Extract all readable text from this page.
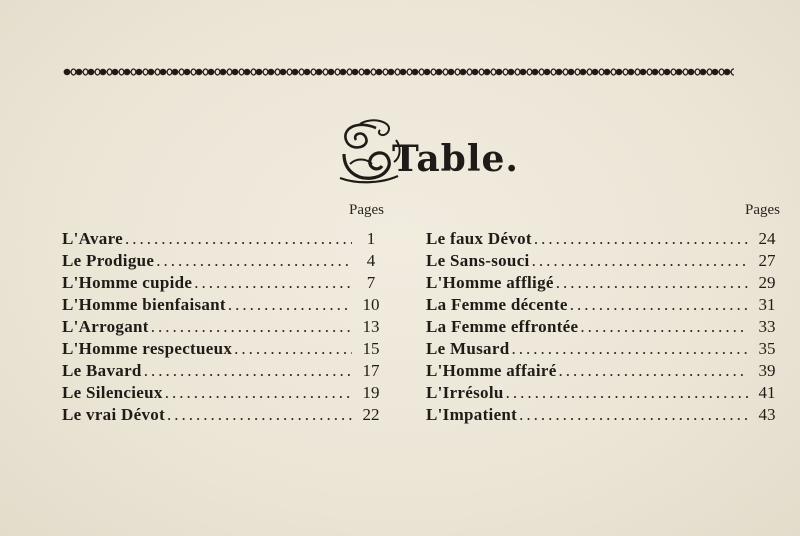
Table.
Pages
L'Avare .....	1
Le Prodigue .....	4
L'Homme cupide .....	7
L'Homme bienfaisant .....	10
L'Arrogant .....	13
L'Homme respectueux .....	15
Le Bavard .....	17
Le Silencieux .....	19
Le vrai Dévot .....	22
Pages
Le faux Dévot .....	24
Le Sans-souci .....	27
L'Homme affligé .....	29
La Femme décente .....	31
La Femme effrontée .....	33
Le Musard .....	35
L'Homme affairé .....	39
L'Irrésolu .....	41
L'Impatient .....	43
